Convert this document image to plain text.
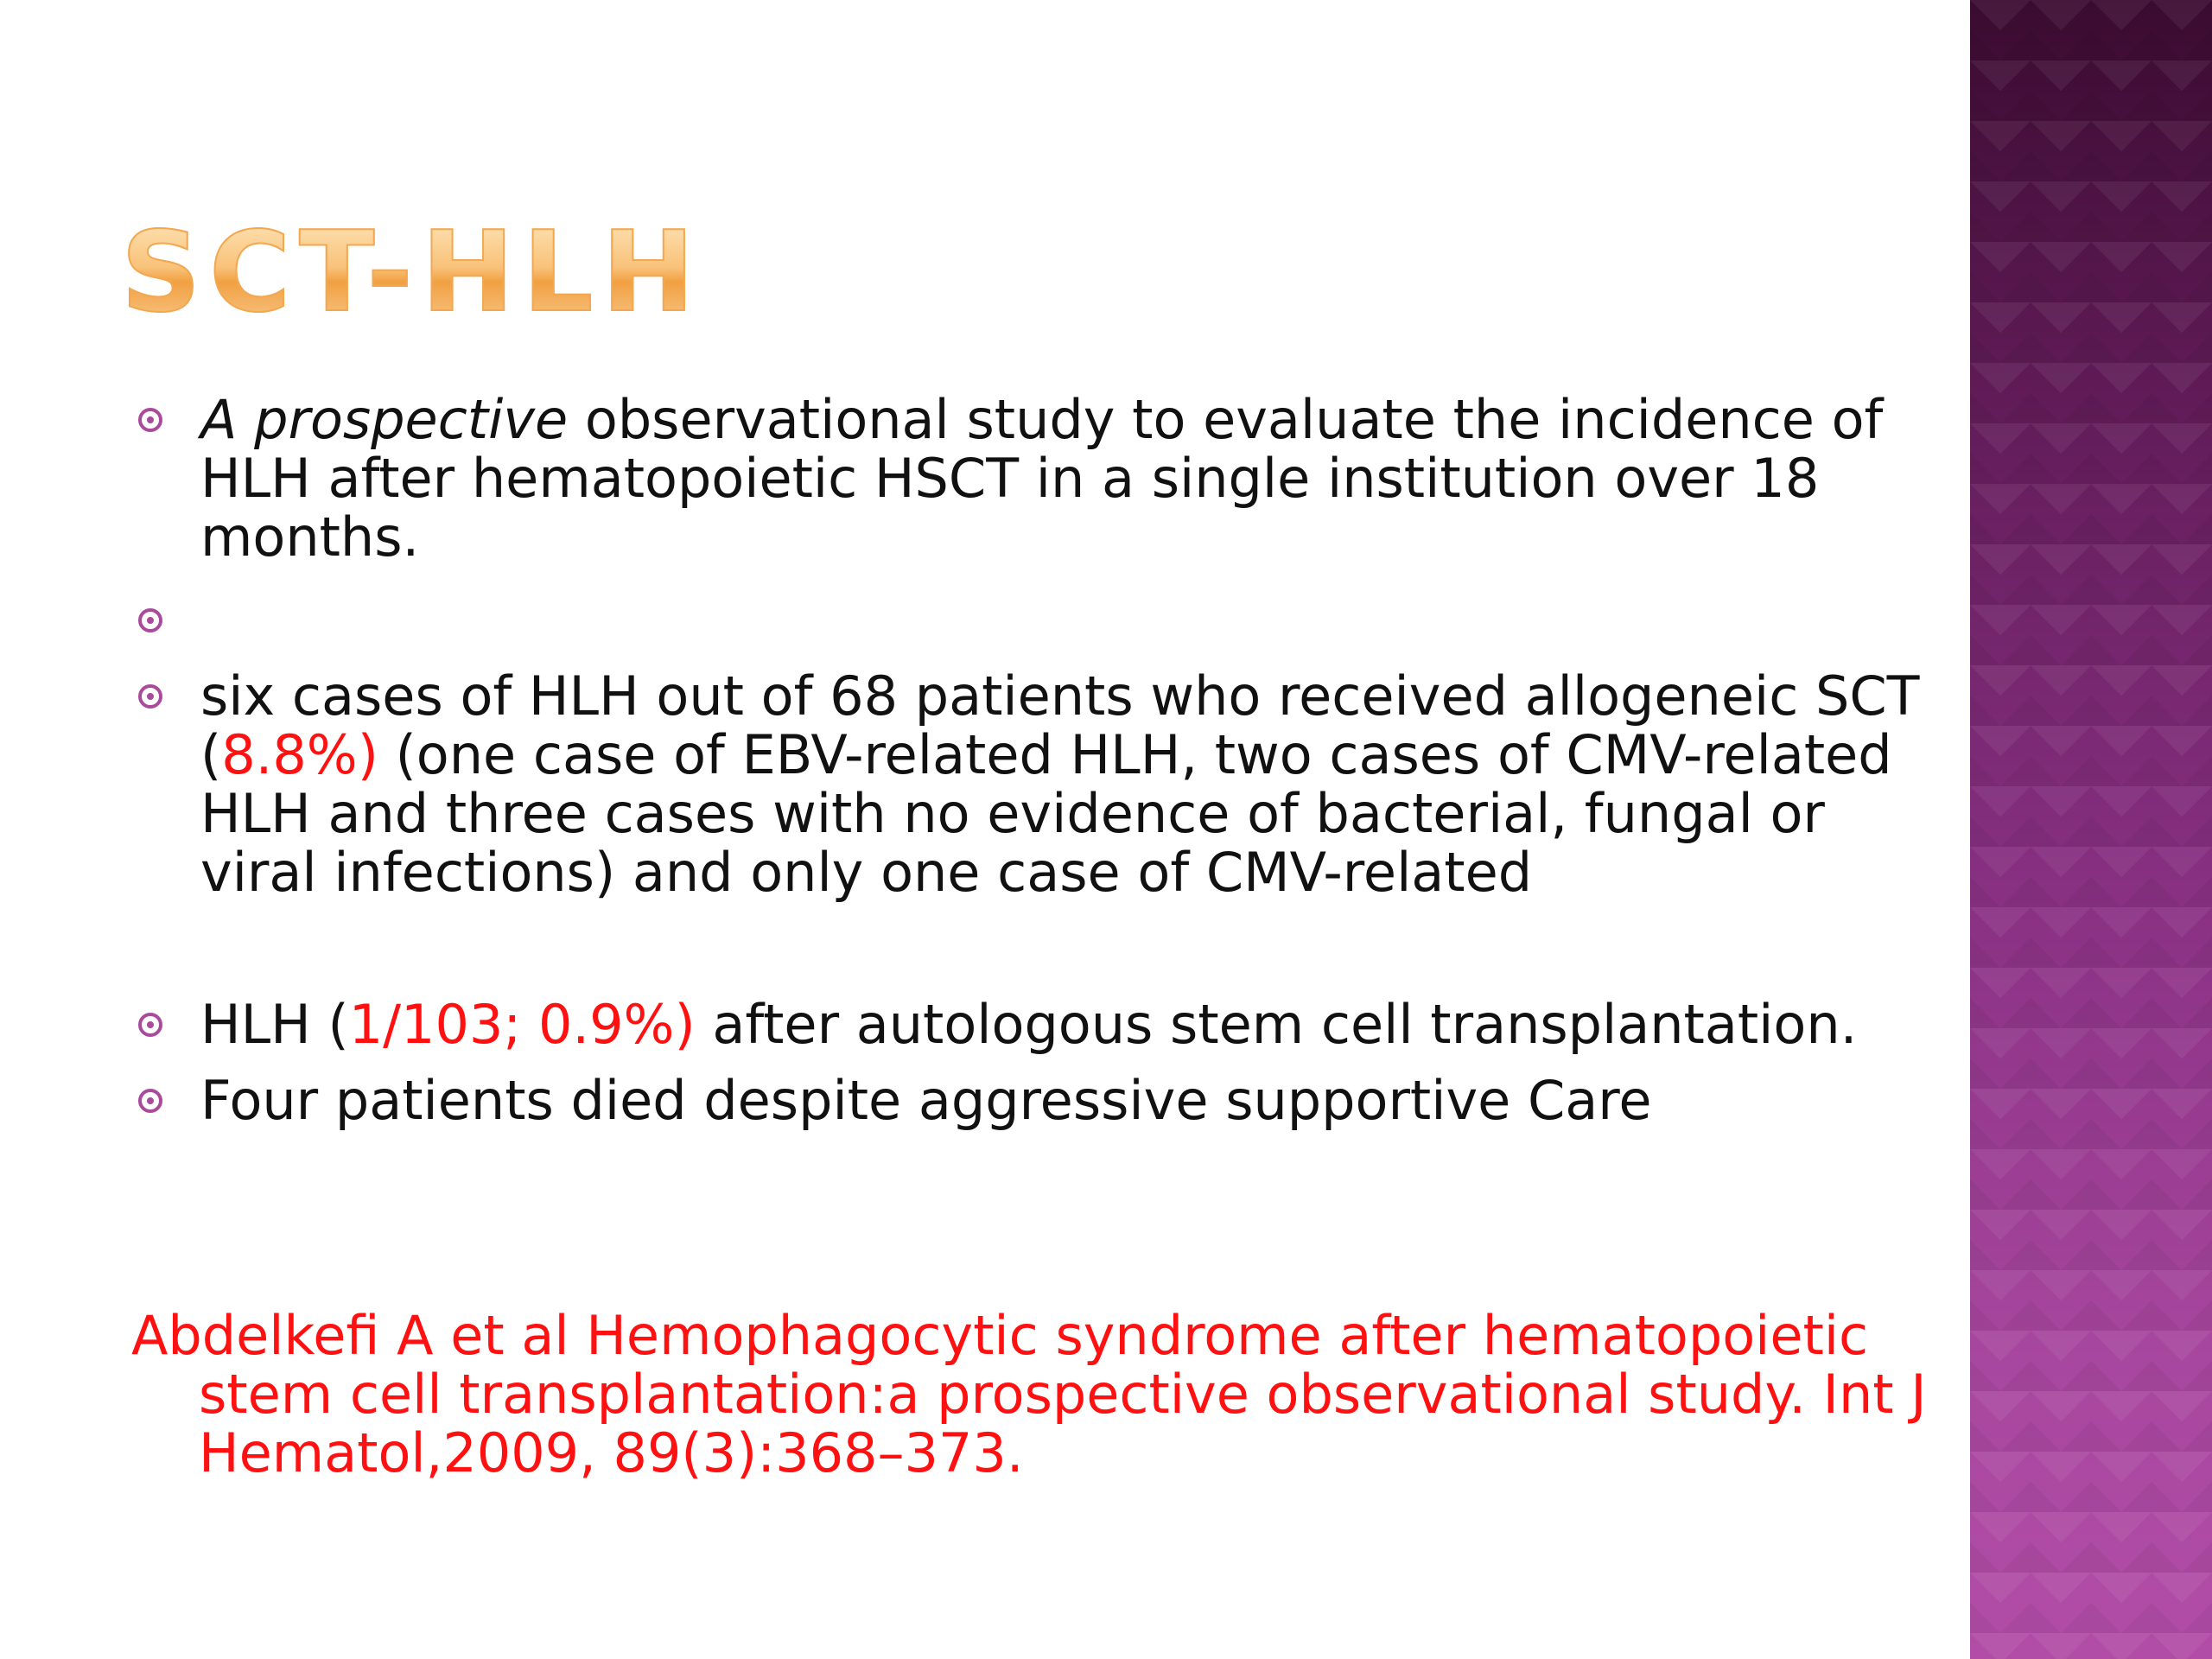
SCT-HLH
A prospective observational study to evaluate the incidence of HLH after hematopoietic HSCT in a single institution over 18 months.
six cases of HLH out of 68 patients who received allogeneic SCT (8.8%) (one case of EBV-related HLH, two cases of CMV-related HLH and three cases with no evidence of bacterial, fungal or viral infections) and only one case of CMV-related
HLH (1/103; 0.9%) after autologous stem cell transplantation.
Four patients died despite aggressive supportive Care

Abdelkefi A et al Hemophagocytic syndrome after hematopoietic stem cell transplantation:a prospective observational study. Int J Hematol,2009, 89(3):368–373.
